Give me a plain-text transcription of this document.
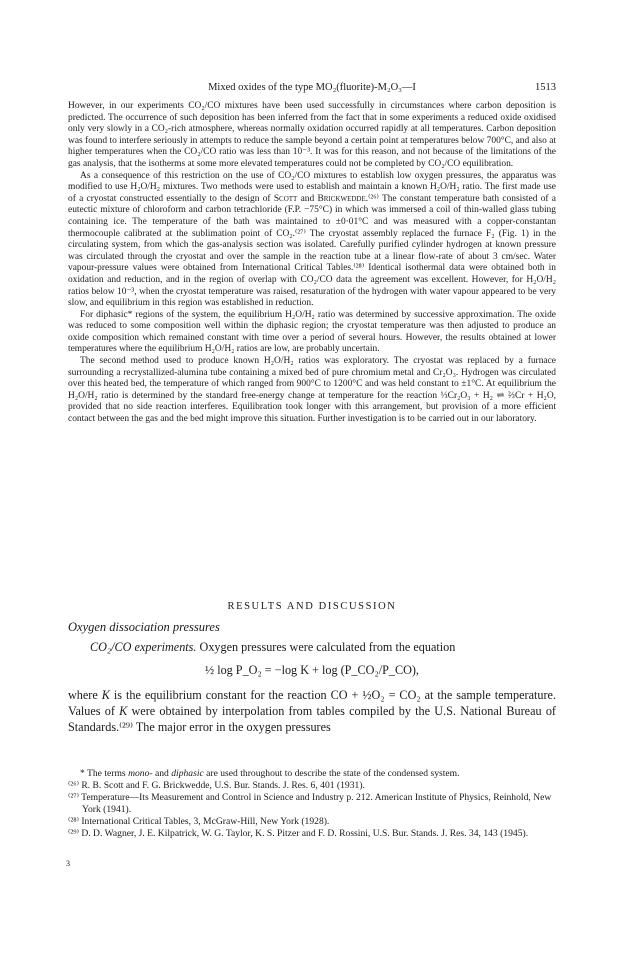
Mixed oxides of the type MO₂(fluorite)-M₂O₃—I	1513

However, in our experiments CO₂/CO mixtures have been used successfully in circumstances where carbon deposition is predicted. The occurrence of such deposition has been inferred from the fact that in some experiments a reduced oxide oxidised only very slowly in a CO₂-rich atmosphere, whereas normally oxidation occurred rapidly at all temperatures. Carbon deposition was found to interfere seriously in attempts to reduce the sample beyond a certain point at temperatures below 700°C, and also at higher temperatures when the CO₂/CO ratio was less than 10⁻³. It was for this reason, and not because of the limitations of the gas analysis, that the isotherms at some more elevated temperatures could not be completed by CO₂/CO equilibration.

As a consequence of this restriction on the use of CO₂/CO mixtures to establish low oxygen pressures, the apparatus was modified to use H₂O/H₂ mixtures. Two methods were used to establish and maintain a known H₂O/H₂ ratio. The first made use of a cryostat constructed essentially to the design of Scott and Brickwedde.⁽²⁶⁾ The constant temperature bath consisted of a eutectic mixture of chloroform and carbon tetrachloride (F.P. −75°C) in which was immersed a coil of thin-walled glass tubing containing ice. The temperature of the bath was maintained to ±0·01°C and was measured with a copper-constantan thermocouple calibrated at the sublimation point of CO₂.⁽²⁷⁾ The cryostat assembly replaced the furnace F₂ (Fig. 1) in the circulating system, from which the gas-analysis section was isolated. Carefully purified cylinder hydrogen at known pressure was circulated through the cryostat and over the sample in the reaction tube at a linear flow-rate of about 3 cm/sec. Water vapour-pressure values were obtained from International Critical Tables.⁽²⁸⁾ Identical isothermal data were obtained both in oxidation and reduction, and in the region of overlap with CO₂/CO data the agreement was excellent. However, for H₂O/H₂ ratios below 10⁻³, when the cryostat temperature was raised, resaturation of the hydrogen with water vapour appeared to be very slow, and equilibrium in this region was established in reduction.

For diphasic* regions of the system, the equilibrium H₂O/H₂ ratio was determined by successive approximation. The oxide was reduced to some composition well within the diphasic region; the cryostat temperature was then adjusted to produce an oxide composition which remained constant with time over a period of several hours. However, the results obtained at lower temperatures where the equilibrium H₂O/H₂ ratios are low, are probably uncertain.

The second method used to produce known H₂O/H₂ ratios was exploratory. The cryostat was replaced by a furnace surrounding a recrystallized-alumina tube containing a mixed bed of pure chromium metal and Cr₂O₃. Hydrogen was circulated over this heated bed, the temperature of which ranged from 900°C to 1200°C and was held constant to ±1°C. At equilibrium the H₂O/H₂ ratio is determined by the standard free-energy change at temperature for the reaction ⅓Cr₂O₃ + H₂ ⇌ ⅔Cr + H₂O, provided that no side reaction interferes. Equilibration took longer with this arrangement, but provision of a more efficient contact between the gas and the bed might improve this situation. Further investigation is to be carried out in our laboratory.

RESULTS AND DISCUSSION
Oxygen dissociation pressures
CO₂/CO experiments. Oxygen pressures were calculated from the equation
½ log P_O₂ = −log K + log (P_CO₂/P_CO),
where K is the equilibrium constant for the reaction CO + ½O₂ = CO₂ at the sample temperature. Values of K were obtained by interpolation from tables compiled by the U.S. National Bureau of Standards.⁽²⁹⁾ The major error in the oxygen pressures

* The terms mono- and diphasic are used throughout to describe the state of the condensed system.

⁽²⁶⁾ R. B. Scott and F. G. Brickwedde, U.S. Bur. Stands. J. Res. 6, 401 (1931).

⁽²⁷⁾ Temperature—Its Measurement and Control in Science and Industry p. 212. American Institute of Physics, Reinhold, New York (1941).

⁽²⁸⁾ International Critical Tables, 3, McGraw-Hill, New York (1928).

⁽²⁹⁾ D. D. Wagner, J. E. Kilpatrick, W. G. Taylor, K. S. Pitzer and F. D. Rossini, U.S. Bur. Stands. J. Res. 34, 143 (1945).

3
